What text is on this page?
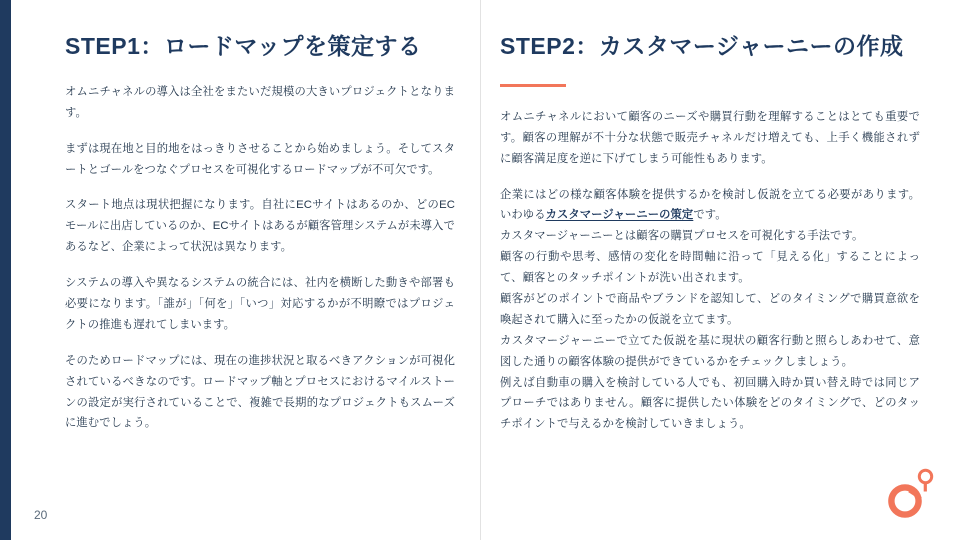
STEP1：ロードマップを策定する

オムニチャネルの導入は全社をまたいだ規模の大きいプロジェクトとなります。

まずは現在地と目的地をはっきりさせることから始めましょう。そしてスタートとゴールをつなぐプロセスを可視化するロードマップが不可欠です。

スタート地点は現状把握になります。自社にECサイトはあるのか、どのECモールに出店しているのか、ECサイトはあるが顧客管理システムが未導入であるなど、企業によって状況は異なります。

システムの導入や異なるシステムの統合には、社内を横断した動きや部署も必要になります。「誰が」「何を」「いつ」対応するかが不明瞭ではプロジェクトの推進も遅れてしまいます。

そのためロードマップには、現在の進捗状況と取るべきアクションが可視化されているべきなのです。ロードマップ軸とプロセスにおけるマイルストーンの設定が実行されていることで、複雑で長期的なプロジェクトもスムーズに進むでしょう。

STEP2：カスタマージャーニーの作成

オムニチャネルにおいて顧客のニーズや購買行動を理解することはとても重要です。顧客の理解が不十分な状態で販売チャネルだけ増えても、上手く機能されずに顧客満足度を逆に下げてしまう可能性もあります。

企業にはどの様な顧客体験を提供するかを検討し仮説を立てる必要があります。いわゆるカスタマージャーニーの策定です。

カスタマージャーニーとは顧客の購買プロセスを可視化する手法です。

顧客の行動や思考、感情の変化を時間軸に沿って「見える化」することによって、顧客とのタッチポイントが洗い出されます。

顧客がどのポイントで商品やブランドを認知して、どのタイミングで購買意欲を喚起されて購入に至ったかの仮説を立てます。

カスタマージャーニーで立てた仮説を基に現状の顧客行動と照らしあわせて、意図した通りの顧客体験の提供ができているかをチェックしましょう。

例えば自動車の購入を検討している人でも、初回購入時か買い替え時では同じアプローチではありません。顧客に提供したい体験をどのタイミングで、どのタッチポイントで与えるかを検討していきましょう。

20
